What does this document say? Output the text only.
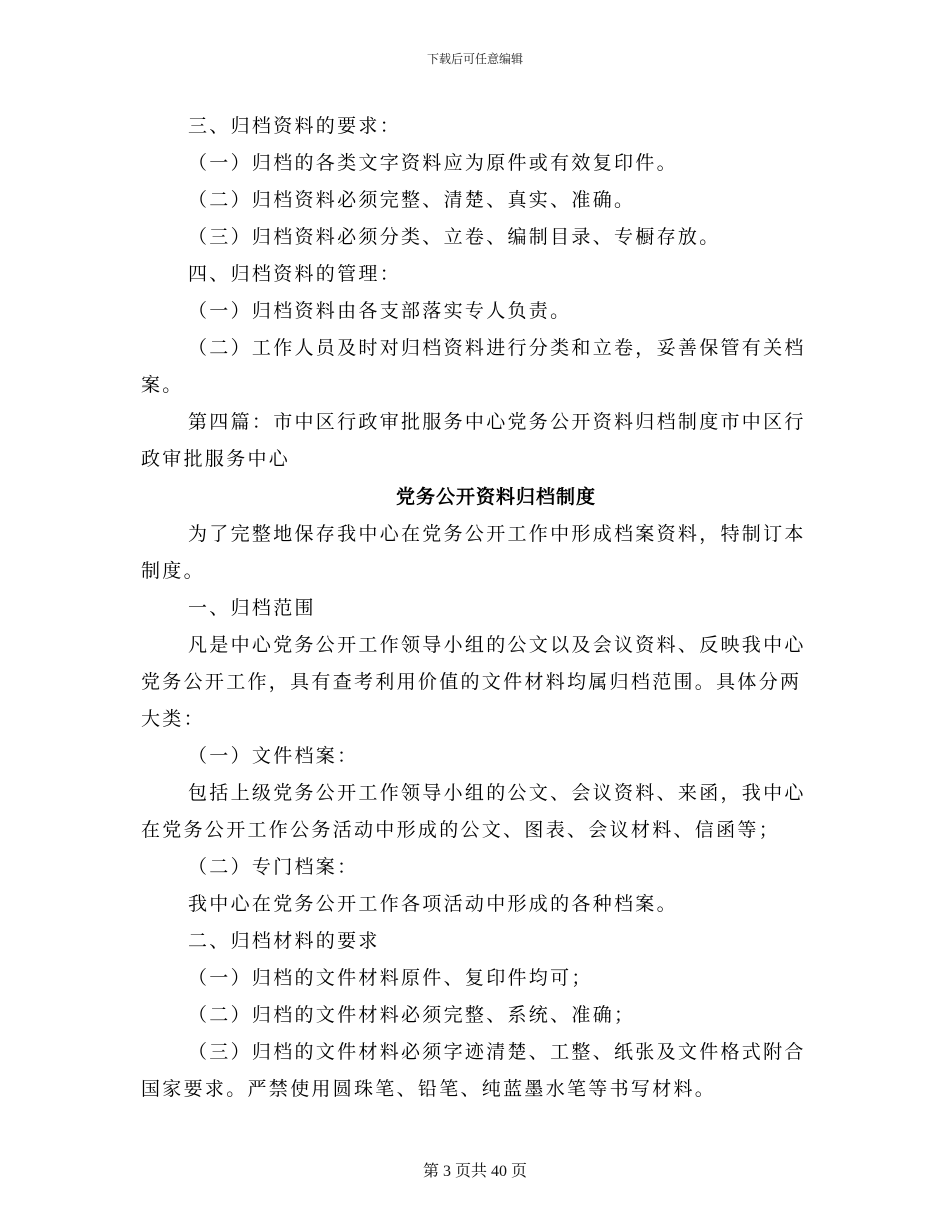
下载后可任意编辑

三、归档资料的要求：

（一）归档的各类文字资料应为原件或有效复印件。

（二）归档资料必须完整、清楚、真实、准确。

（三）归档资料必须分类、立卷、编制目录、专橱存放。

四、归档资料的管理：

（一）归档资料由各支部落实专人负责。

（二）工作人员及时对归档资料进行分类和立卷，妥善保管有关档案。

第四篇：市中区行政审批服务中心党务公开资料归档制度市中区行政审批服务中心

党务公开资料归档制度

为了完整地保存我中心在党务公开工作中形成档案资料，特制订本制度。

一、归档范围

凡是中心党务公开工作领导小组的公文以及会议资料、反映我中心党务公开工作，具有查考利用价值的文件材料均属归档范围。具体分两大类：

（一）文件档案：

包括上级党务公开工作领导小组的公文、会议资料、来函，我中心在党务公开工作公务活动中形成的公文、图表、会议材料、信函等；

（二）专门档案：

我中心在党务公开工作各项活动中形成的各种档案。

二、归档材料的要求

（一）归档的文件材料原件、复印件均可；

（二）归档的文件材料必须完整、系统、准确；

（三）归档的文件材料必须字迹清楚、工整、纸张及文件格式附合国家要求。严禁使用圆珠笔、铅笔、纯蓝墨水笔等书写材料。

第 3 页共 40 页
